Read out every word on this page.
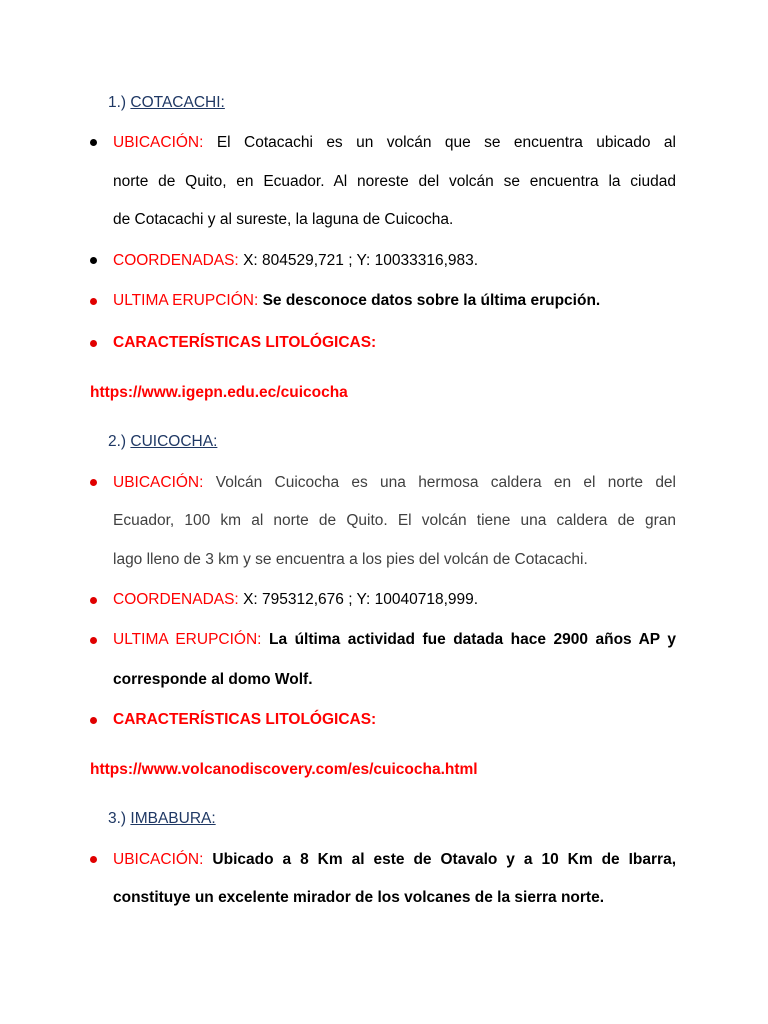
1.) COTACACHI:
UBICACIÓN: El Cotacachi es un volcán que se encuentra ubicado al
norte de Quito, en Ecuador. Al noreste del volcán se encuentra la ciudad
de Cotacachi y al sureste, la laguna de Cuicocha.
COORDENADAS: X: 804529,721 ; Y: 10033316,983.
ULTIMA ERUPCIÓN: Se desconoce datos sobre la última erupción.
CARACTERÍSTICAS LITOLÓGICAS:
https://www.igepn.edu.ec/cuicocha
2.) CUICOCHA:
UBICACIÓN: Volcán Cuicocha es una hermosa caldera en el norte del
Ecuador, 100 km al norte de Quito. El volcán tiene una caldera de gran
lago lleno de 3 km y se encuentra a los pies del volcán de Cotacachi.
COORDENADAS: X: 795312,676 ; Y: 10040718,999.
ULTIMA ERUPCIÓN: La última actividad fue datada hace 2900 años AP y
corresponde al domo Wolf.
CARACTERÍSTICAS LITOLÓGICAS:
https://www.volcanodiscovery.com/es/cuicocha.html
3.) IMBABURA:
UBICACIÓN: Ubicado a 8 Km al este de Otavalo y a 10 Km de Ibarra,
constituye un excelente mirador de los volcanes de la sierra norte.
